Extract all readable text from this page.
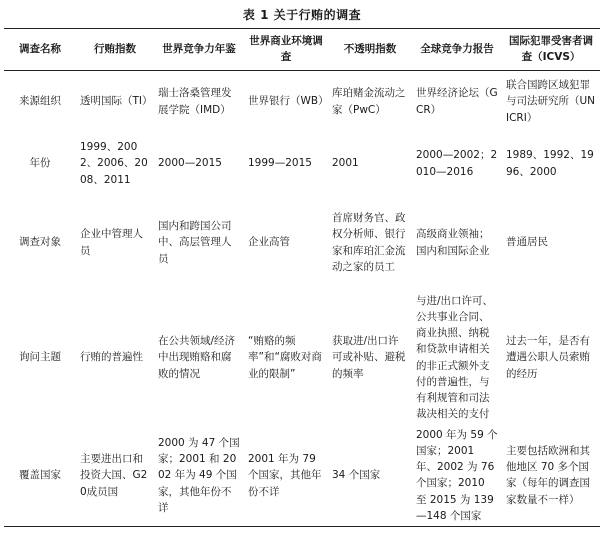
表 1 关于行贿的调查
调查名称	行贿指数	世界竞争力年鉴	世界商业环境调查	不透明指数	全球竞争力报告	国际犯罪受害者调查（ICVS）
来源组织	透明国际（TI）	瑞士洛桑管理发展学院（IMD）	世界银行（WB）	库珀赌金流动之家（PwC）	世界经济论坛（GCR）	联合国跨区域犯罪与司法研究所（UNICRI）
年份	1999、2002、2006、2008、2011	2000—2015	1999—2015	2001	2000—2002；2010—2016	1989、1992、1996、2000
调查对象	企业中管理人员	国内和跨国公司中、高层管理人员	企业高管	首席财务官、政权分析师、银行家和库珀汇金流动之家的员工	高级商业领袖；国内和国际企业	普通居民
询问主题	行贿的普遍性	在公共领域/经济中出现贿赂和腐败的情况	“贿赂的频率”和“腐败对商业的限制”	获取进/出口许可或补贴、避税的频率	与进/出口许可、公共事业合同、商业执照、纳税和贷款申请相关的非正式额外支付的普遍性，与有利规管和司法裁决相关的支付	过去一年，是否有遭遇公职人员索贿的经历
覆盖国家	主要进出口和投资大国、G20成员国	2000 为 47 个国家；2001 和 2002 年为 49 个国家，其他年份不详	2001 年为 79 个国家，其他年份不详	34 个国家	2000 年为 59 个国家；2001 年、2002 为 76 个国家；2010 至 2015 为 139—148 个国家	主要包括欧洲和其他地区 70 多个国家（每年的调查国家数量不一样）
